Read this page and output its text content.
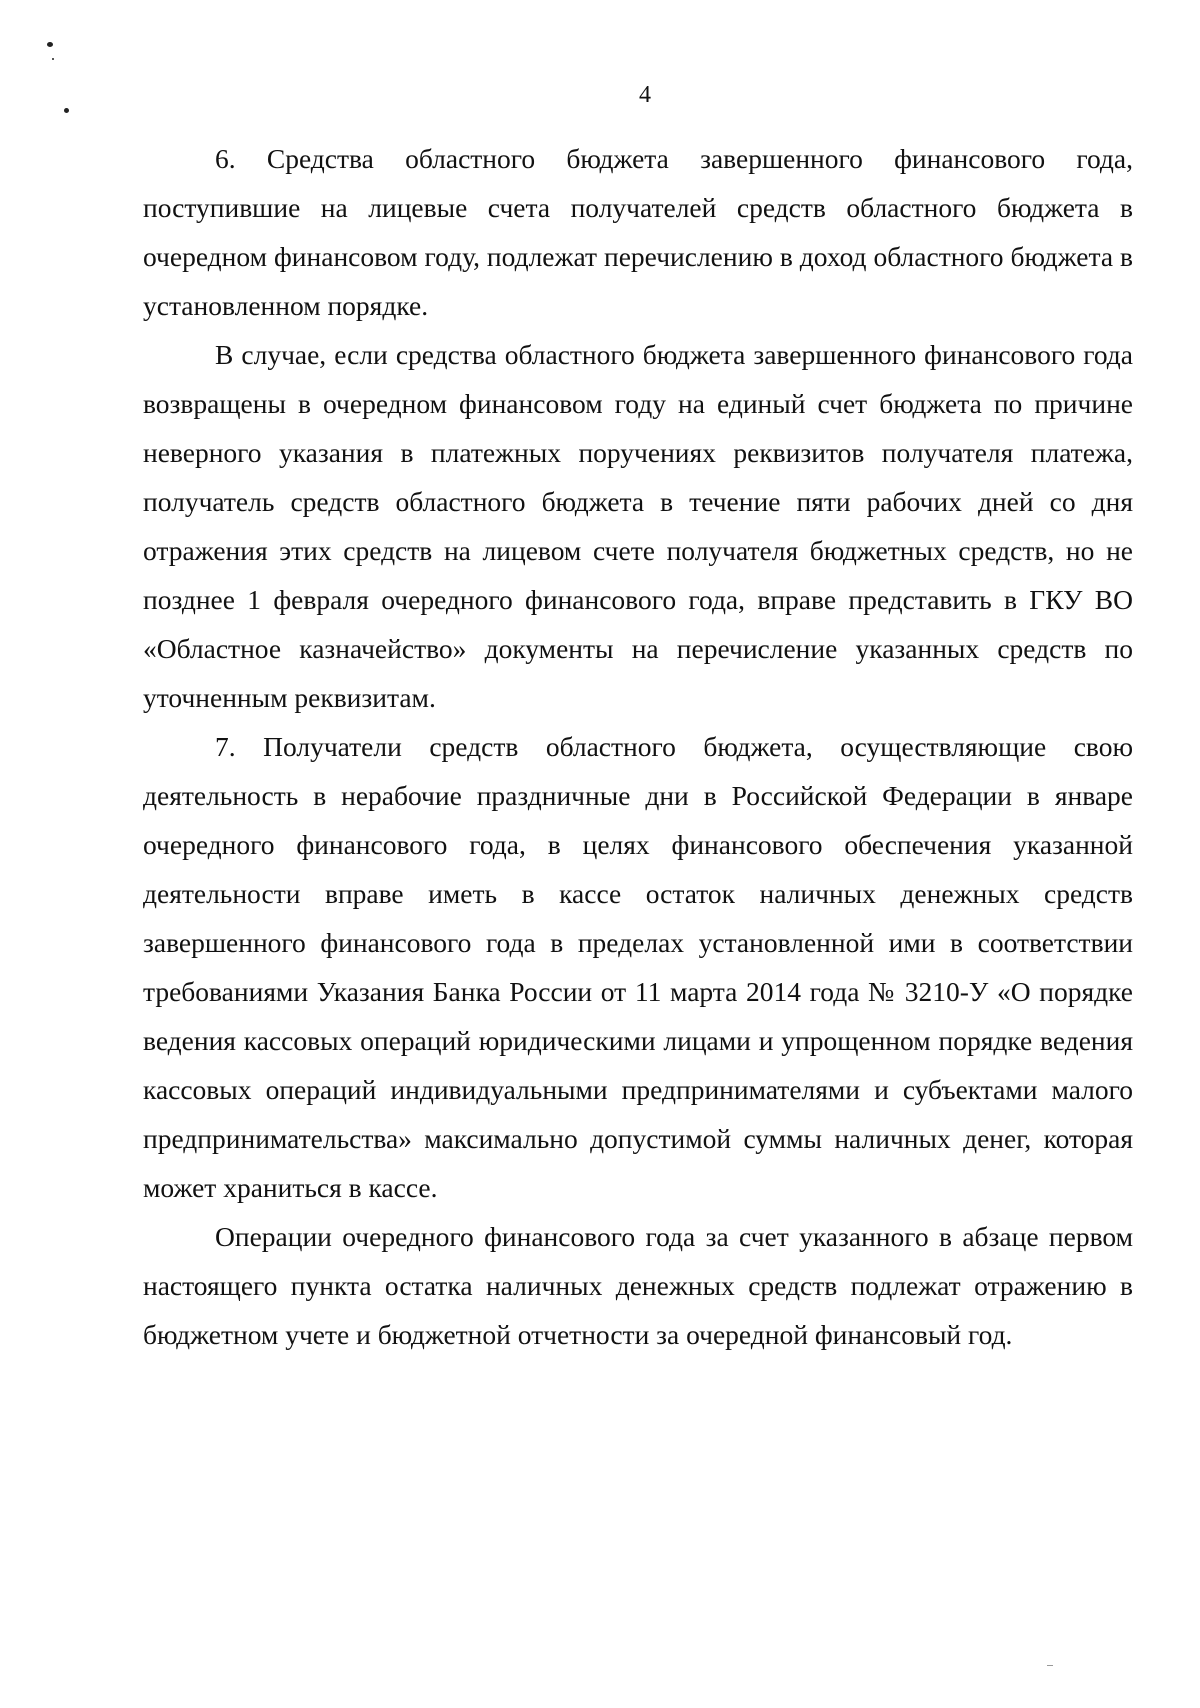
4

6. Средства областного бюджета завершенного финансового года, поступившие на лицевые счета получателей средств областного бюджета в очередном финансовом году, подлежат перечислению в доход областного бюджета в установленном порядке.

В случае, если средства областного бюджета завершенного финансового года возвращены в очередном финансовом году на единый счет бюджета по причине неверного указания в платежных поручениях реквизитов получателя платежа, получатель средств областного бюджета в течение пяти рабочих дней со дня отражения этих средств на лицевом счете получателя бюджетных средств, но не позднее 1 февраля очередного финансового года, вправе представить в ГКУ ВО «Областное казначейство» документы на перечисление указанных средств по уточненным реквизитам.

7. Получатели средств областного бюджета, осуществляющие свою деятельность в нерабочие праздничные дни в Российской Федерации в январе очередного финансового года, в целях финансового обеспечения указанной деятельности вправе иметь в кассе остаток наличных денежных средств завершенного финансового года в пределах установленной ими в соответствии требованиями Указания Банка России от 11 марта 2014 года № 3210-У «О порядке ведения кассовых операций юридическими лицами и упрощенном порядке ведения кассовых операций индивидуальными предпринимателями и субъектами малого предпринимательства» максимально допустимой суммы наличных денег, которая может храниться в кассе.

Операции очередного финансового года за счет указанного в абзаце первом настоящего пункта остатка наличных денежных средств подлежат отражению в бюджетном учете и бюджетной отчетности за очередной финансовый год.
